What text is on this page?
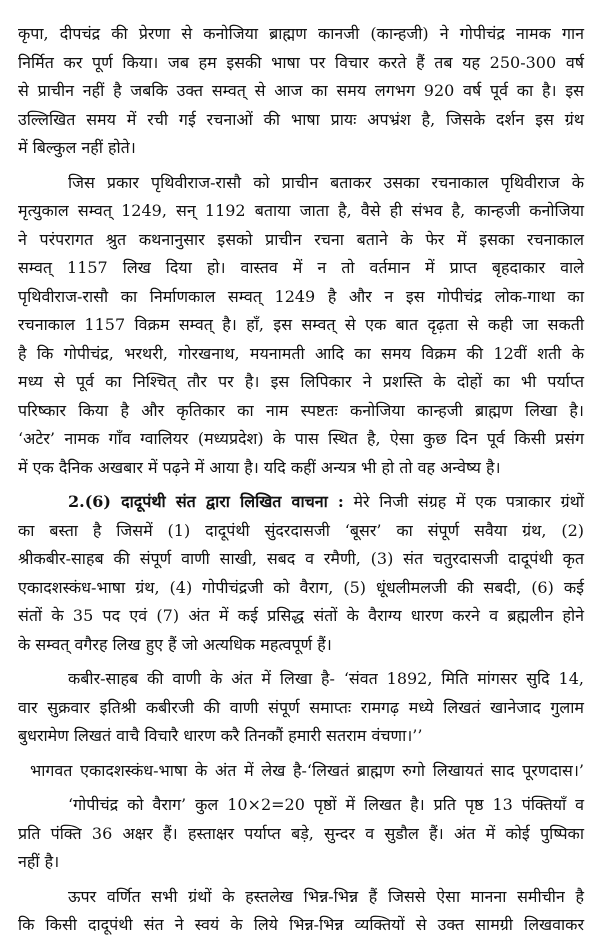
कृपा, दीपचंद्र की प्रेरणा से कनोजिया ब्राह्मण कानजी (कान्हजी) ने गोपीचंद्र नामक गान
निर्मित कर पूर्ण किया। जब हम इसकी भाषा पर विचार करते हैं तब यह 250-300 वर्ष
से प्राचीन नहीं है जबकि उक्त सम्वत् से आज का समय लगभग 920 वर्ष पूर्व का है। इस
उल्लिखित समय में रची गई रचनाओं की भाषा प्रायः अपभ्रंश है, जिसके दर्शन इस ग्रंथ
में बिल्कुल नहीं होते।
जिस प्रकार पृथिवीराज-रासौ को प्राचीन बताकर उसका रचनाकाल पृथिवीराज के
मृत्युकाल सम्वत् 1249, सन् 1192 बताया जाता है, वैसे ही संभव है, कान्हजी कनोजिया
ने परंपरागत श्रुत कथनानुसार इसको प्राचीन रचना बताने के फेर में इसका रचनाकाल
सम्वत् 1157 लिख दिया हो। वास्तव में न तो वर्तमान में प्राप्त बृहदाकार वाले
पृथिवीराज-रासौ का निर्माणकाल सम्वत् 1249 है और न इस गोपीचंद्र लोक-गाथा का
रचनाकाल 1157 विक्रम सम्वत् है। हाँ, इस सम्वत् से एक बात दृढ़ता से कही जा सकती
है कि गोपीचंद्र, भरथरी, गोरखनाथ, मयनामती आदि का समय विक्रम की 12वीं शती के
मध्य से पूर्व का निश्चित् तौर पर है। इस लिपिकार ने प्रशस्ति के दोहों का भी पर्याप्त
परिष्कार किया है और कृतिकार का नाम स्पष्टतः कनोजिया कान्हजी ब्राह्मण लिखा है।
‘अटेर’ नामक गाँव ग्वालियर (मध्यप्रदेश) के पास स्थित है, ऐसा कुछ दिन पूर्व किसी प्रसंग
में एक दैनिक अखबार में पढ़ने में आया है। यदि कहीं अन्यत्र भी हो तो वह अन्वेष्य है।
2.(6) दादूपंथी संत द्वारा लिखित वाचना : मेरे निजी संग्रह में एक पत्राकार ग्रंथों
का बस्ता है जिसमें (1) दादूपंथी सुंदरदासजी ‘बूसर’ का संपूर्ण सवैया ग्रंथ, (2)
श्रीकबीर-साहब की संपूर्ण वाणी साखी, सबद व रमैणी, (3) संत चतुरदासजी दादूपंथी कृत
एकादशस्कंध-भाषा ग्रंथ, (4) गोपीचंद्रजी को वैराग, (5) धूंधलीमलजी की सबदी, (6) कई
संतों के 35 पद एवं (7) अंत में कई प्रसिद्ध संतों के वैराग्य धारण करने व ब्रह्मलीन होने
के सम्वत् वगैरह लिख हुए हैं जो अत्यधिक महत्वपूर्ण हैं।
कबीर-साहब की वाणी के अंत में लिखा है- ‘संवत 1892, मिति मांगसर सुदि 14,
वार सुक्रवार इतिश्री कबीरजी की वाणी संपूर्ण समाप्तः रामगढ़ मध्ये लिखतं खानेजाद गुलाम
बुधरामेण लिखतं वाचै विचारै धारण करै तिनकौं हमारी सतराम वंचणा।’’
भागवत एकादशस्कंध-भाषा के अंत में लेख है-‘लिखतं ब्राह्मण रुगो लिखायतं साद पूरणदास।’
‘गोपीचंद्र को वैराग’ कुल 10×2=20 पृष्ठों में लिखत है। प्रति पृष्ठ 13 पंक्तियाँ व
प्रति पंक्ति 36 अक्षर हैं। हस्ताक्षर पर्याप्त बड़े, सुन्दर व सुडौल हैं। अंत में कोई पुष्पिका
नहीं है।
ऊपर वर्णित सभी ग्रंथों के हस्तलेख भिन्न-भिन्न हैं जिससे ऐसा मानना समीचीन है
कि किसी दादूपंथी संत ने स्वयं के लिये भिन्न-भिन्न व्यक्तियों से उक्त सामग्री लिखवाकर
